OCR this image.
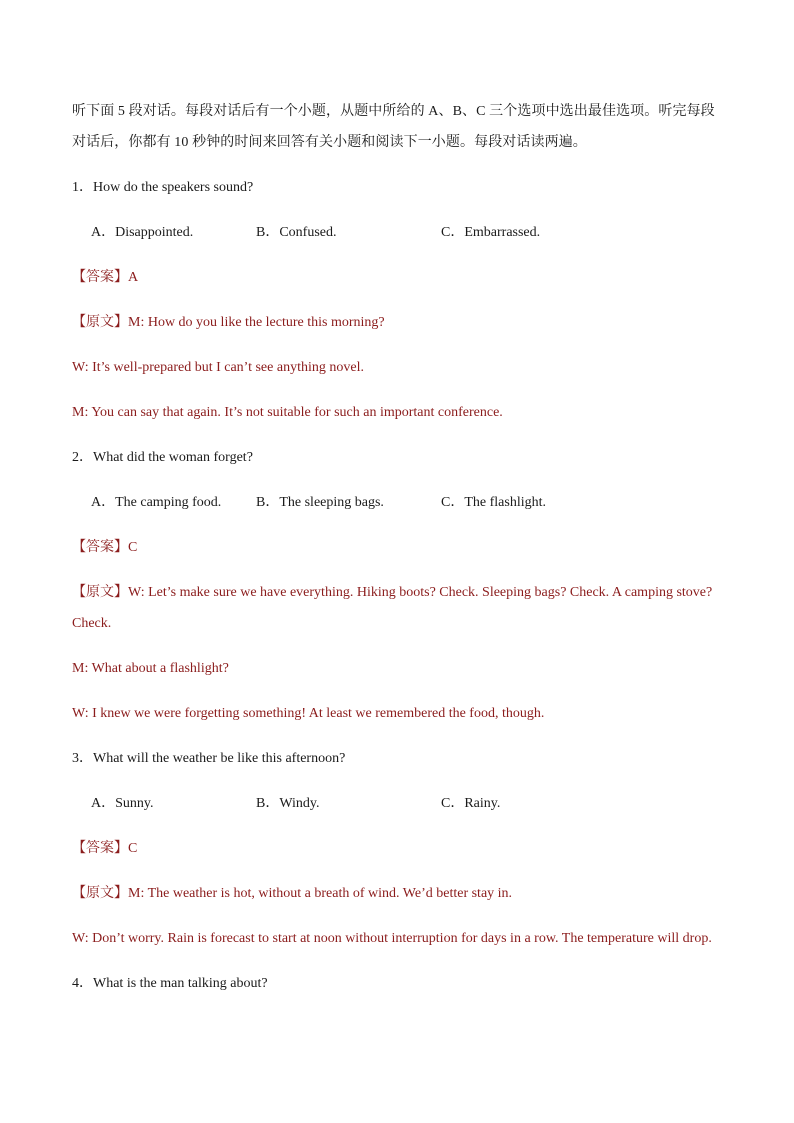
听下面 5 段对话。每段对话后有一个小题，从题中所给的 A、B、C 三个选项中选出最佳选项。听完每段对话后，你都有 10 秒钟的时间来回答有关小题和阅读下一小题。每段对话读两遍。

1．How do the speakers sound?
A．Disappointed.	B．Confused.	C．Embarrassed.
【答案】A
【原文】M: How do you like the lecture this morning?
W: It’s well-prepared but I can’t see anything novel.
M: You can say that again. It’s not suitable for such an important conference.
2．What did the woman forget?
A．The camping food.	B．The sleeping bags.	C．The flashlight.
【答案】C
【原文】W: Let’s make sure we have everything. Hiking boots? Check. Sleeping bags? Check. A camping stove? Check.
M: What about a flashlight?
W: I knew we were forgetting something! At least we remembered the food, though.
3．What will the weather be like this afternoon?
A．Sunny.	B．Windy.	C．Rainy.
【答案】C
【原文】M: The weather is hot, without a breath of wind. We’d better stay in.
W: Don’t worry. Rain is forecast to start at noon without interruption for days in a row. The temperature will drop.
4．What is the man talking about?
